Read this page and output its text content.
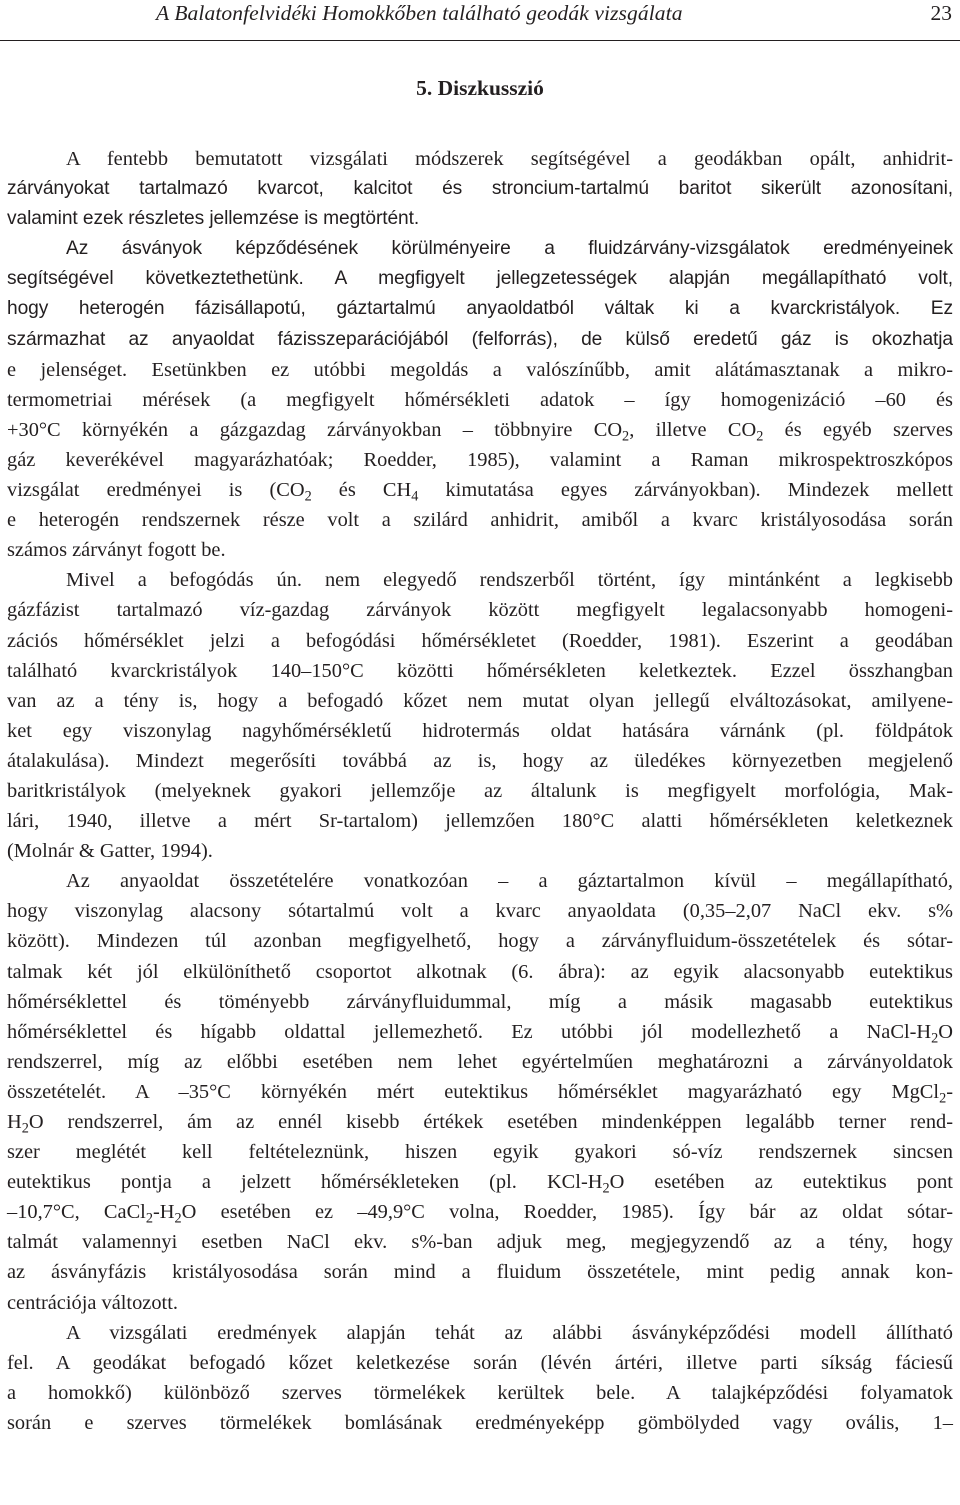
A Balatonfelvidéki Homokkőben található geodák vizsgálata	23
5. Diszkusszió
A fentebb bemutatott vizsgálati módszerek segítségével a geodákban opált, anhidrit-
zárványokat tartalmazó kvarcot, kalcitot és stroncium-tartalmú baritot sikerült azonosítani,
valamint ezek részletes jellemzése is megtörtént.
Az ásványok képződésének körülményeire a fluidzárvány-vizsgálatok eredményeinek
segítségével következtethetünk. A megfigyelt jellegzetességek alapján megállapítható volt,
hogy heterogén fázisállapotú, gáztartalmú anyaoldatból váltak ki a kvarckristályok. Ez
származhat az anyaoldat fázisszeparációjából (felforrás), de külső eredetű gáz is okozhatja
e jelenséget. Esetünkben ez utóbbi megoldás a valószínűbb, amit alátámasztanak a mikro-
termometriai mérések (a megfigyelt hőmérsékleti adatok – így homogenizáció –60 és
+30°C környékén a gázgazdag zárványokban – többnyire $CO_2$, illetve $CO_2$ és egyéb szerves
gáz keverékével magyarázhatóak; Roedder, 1985), valamint a Raman mikrospektroszkópos
vizsgálat eredményei is ($CO_2$ és $CH_4$ kimutatása egyes zárványokban). Mindezek mellett
e heterogén rendszernek része volt a szilárd anhidrit, amiből a kvarc kristályosodása során
számos zárványt fogott be.
Mivel a befogódás ún. nem elegyedő rendszerből történt, így mintánként a legkisebb
gázfázist tartalmazó víz-gazdag zárványok között megfigyelt legalacsonyabb homogeni-
zációs hőmérséklet jelzi a befogódási hőmérsékletet (Roedder, 1981). Eszerint a geodában
található kvarckristályok 140–150°C közötti hőmérsékleten keletkeztek. Ezzel összhangban
van az a tény is, hogy a befogadó kőzet nem mutat olyan jellegű elváltozásokat, amilyene-
ket egy viszonylag nagyhőmérsékletű hidrotermás oldat hatására várnánk (pl. földpátok
átalakulása). Mindezt megerősíti továbbá az is, hogy az üledékes környezetben megjelenő
baritkristályok (melyeknek gyakori jellemzője az általunk is megfigyelt morfológia, Mak-
lári, 1940, illetve a mért Sr-tartalom) jellemzően 180°C alatti hőmérsékleten keletkeznek
(Molnár & Gatter, 1994).
Az anyaoldat összetételére vonatkozóan – a gáztartalmon kívül – megállapítható,
hogy viszonylag alacsony sótartalmú volt a kvarc anyaoldata (0,35–2,07 NaCl ekv. s%
között). Mindezen túl azonban megfigyelhető, hogy a zárványfluidum-összetételek és sótar-
talmak két jól elkülöníthető csoportot alkotnak (6. ábra): az egyik alacsonyabb eutektikus
hőmérséklettel és töményebb zárványfluidummal, míg a másik magasabb eutektikus
hőmérséklettel és hígabb oldattal jellemezhető. Ez utóbbi jól modellezhető a NaCl-$H_2O$
rendszerrel, míg az előbbi esetében nem lehet egyértelműen meghatározni a zárványoldatok
összetételét. A –35°C környékén mért eutektikus hőmérséklet magyarázható egy MgCl$_2$-
$H_2O$ rendszerrel, ám az ennél kisebb értékek esetében mindenképpen legalább terner rend-
szer meglétét kell feltételeznünk, hiszen egyik gyakori só-víz rendszernek sincsen
eutektikus pontja a jelzett hőmérsékleteken (pl. KCl-$H_2O$ esetében az eutektikus pont
–10,7°C, $CaCl_2-H_2O$ esetében ez –49,9°C volna, Roedder, 1985). Így bár az oldat sótar-
talmát valamennyi esetben NaCl ekv. s%-ban adjuk meg, megjegyzendő az a tény, hogy
az ásványfázis kristályosodása során mind a fluidum összetétele, mint pedig annak kon-
centrációja változott.
A vizsgálati eredmények alapján tehát az alábbi ásványképződési modell állítható
fel. A geodákat befogadó kőzet keletkezése során (lévén ártéri, illetve parti síkság fáciesű
a homokkő) különböző szerves törmelékek kerültek bele. A talajképződési folyamatok
során e szerves törmelékek bomlásának eredményeképp gömbölyded vagy ovális, 1–
